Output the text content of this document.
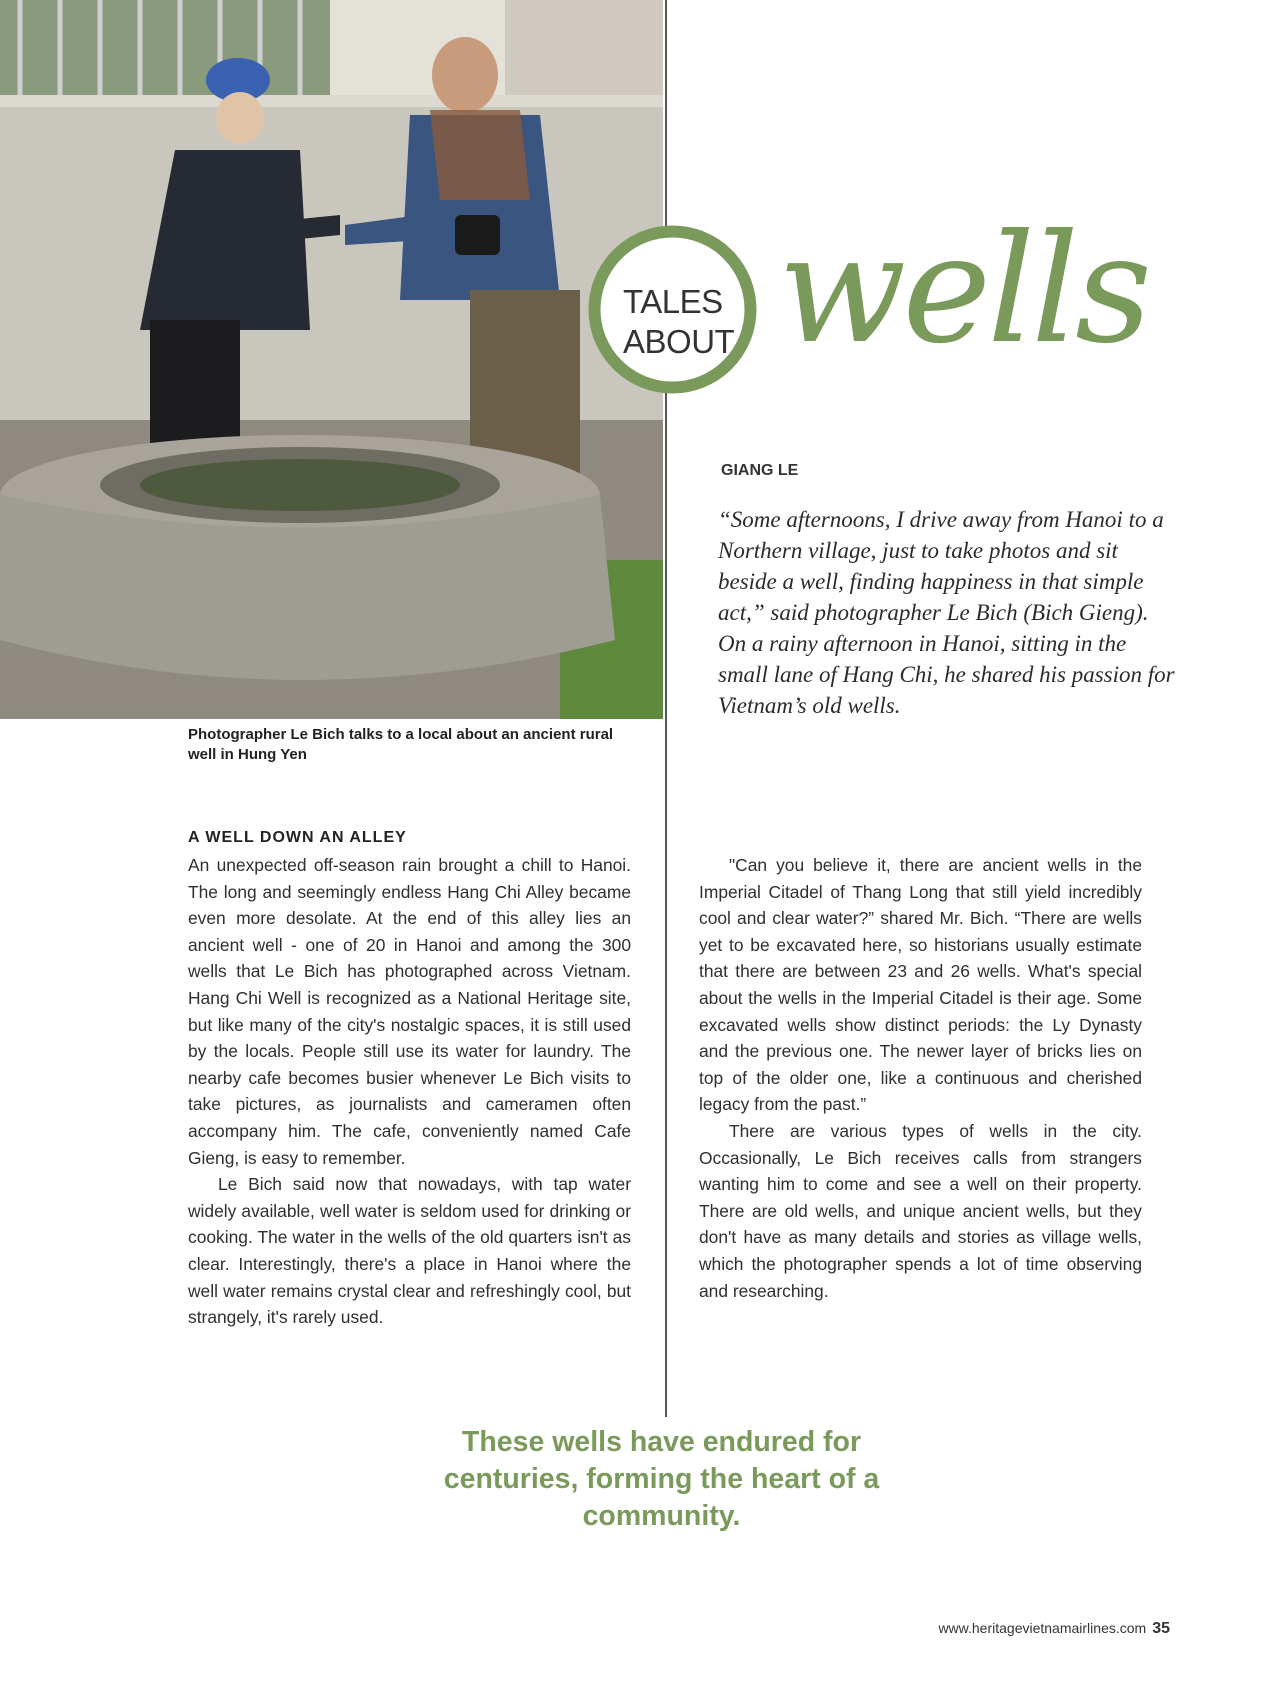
Photographer Le Bich talks to a local about an ancient rural well in Hung Yen
TALES
ABOUT wells
GIANG LE
“Some afternoons, I drive away from Hanoi to a Northern village, just to take photos and sit beside a well, finding happiness in that simple act,” said photographer Le Bich (Bich Gieng). On a rainy afternoon in Hanoi, sitting in the small lane of Hang Chi, he shared his passion for Vietnam’s old wells.
A WELL DOWN AN ALLEY

An unexpected off-season rain brought a chill to Hanoi. The long and seemingly endless Hang Chi Alley became even more desolate. At the end of this alley lies an ancient well - one of 20 in Hanoi and among the 300 wells that Le Bich has photographed across Vietnam. Hang Chi Well is recognized as a National Heritage site, but like many of the city's nostalgic spaces, it is still used by the locals. People still use its water for laundry. The nearby cafe becomes busier whenever Le Bich visits to take pictures, as journalists and cameramen often accompany him. The cafe, conveniently named Cafe Gieng, is easy to remember.

Le Bich said now that nowadays, with tap water widely available, well water is seldom used for drinking or cooking. The water in the wells of the old quarters isn't as clear. Interestingly, there's a place in Hanoi where the well water remains crystal clear and refreshingly cool, but strangely, it's rarely used.

"Can you believe it, there are ancient wells in the Imperial Citadel of Thang Long that still yield incredibly cool and clear water?” shared Mr. Bich. “There are wells yet to be excavated here, so historians usually estimate that there are between 23 and 26 wells. What's special about the wells in the Imperial Citadel is their age. Some excavated wells show distinct periods: the Ly Dynasty and the previous one. The newer layer of bricks lies on top of the older one, like a continuous and cherished legacy from the past.”

There are various types of wells in the city. Occasionally, Le Bich receives calls from strangers wanting him to come and see a well on their property. There are old wells, and unique ancient wells, but they don't have as many details and stories as village wells, which the photographer spends a lot of time observing and researching.

These wells have endured for centuries, forming the heart of a community.
www.heritagevietnamairlines.com 35
